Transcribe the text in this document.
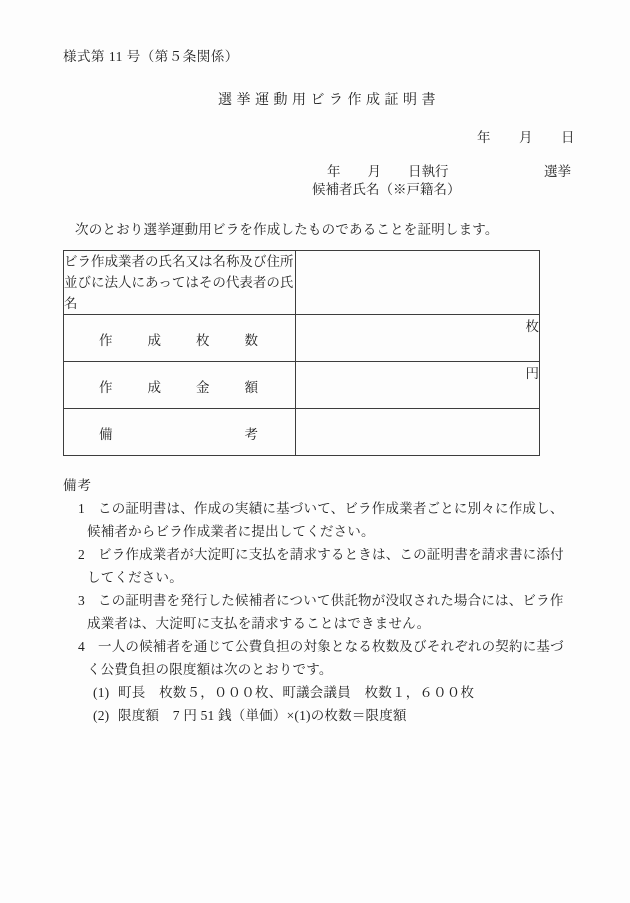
様式第 11 号（第５条関係）
選挙運動用ビラ作成証明書
年　　月　　日
年　　月　　日執行	選挙
候補者氏名（※戸籍名）
次のとおり選挙運動用ビラを作成したものであることを証明します。
ビラ作成業者の氏名又は名称及び住所並びに法人にあってはその代表者の氏名	

作 成 枚 数	枚

作 成 金 額	円

備 考	

備考
1 この証明書は、作成の実績に基づいて、ビラ作成業者ごとに別々に作成し、候補者からビラ作成業者に提出してください。
2 ビラ作成業者が大淀町に支払を請求するときは、この証明書を請求書に添付してください。
3 この証明書を発行した候補者について供託物が没収された場合には、ビラ作成業者は、大淀町に支払を請求することはできません。
4 一人の候補者を通じて公費負担の対象となる枚数及びそれぞれの契約に基づく公費負担の限度額は次のとおりです。
(1) 町長　枚数５，０００枚、町議会議員　枚数１，６００枚
(2) 限度額　7 円 51 銭（単価）×(1)の枚数＝限度額
